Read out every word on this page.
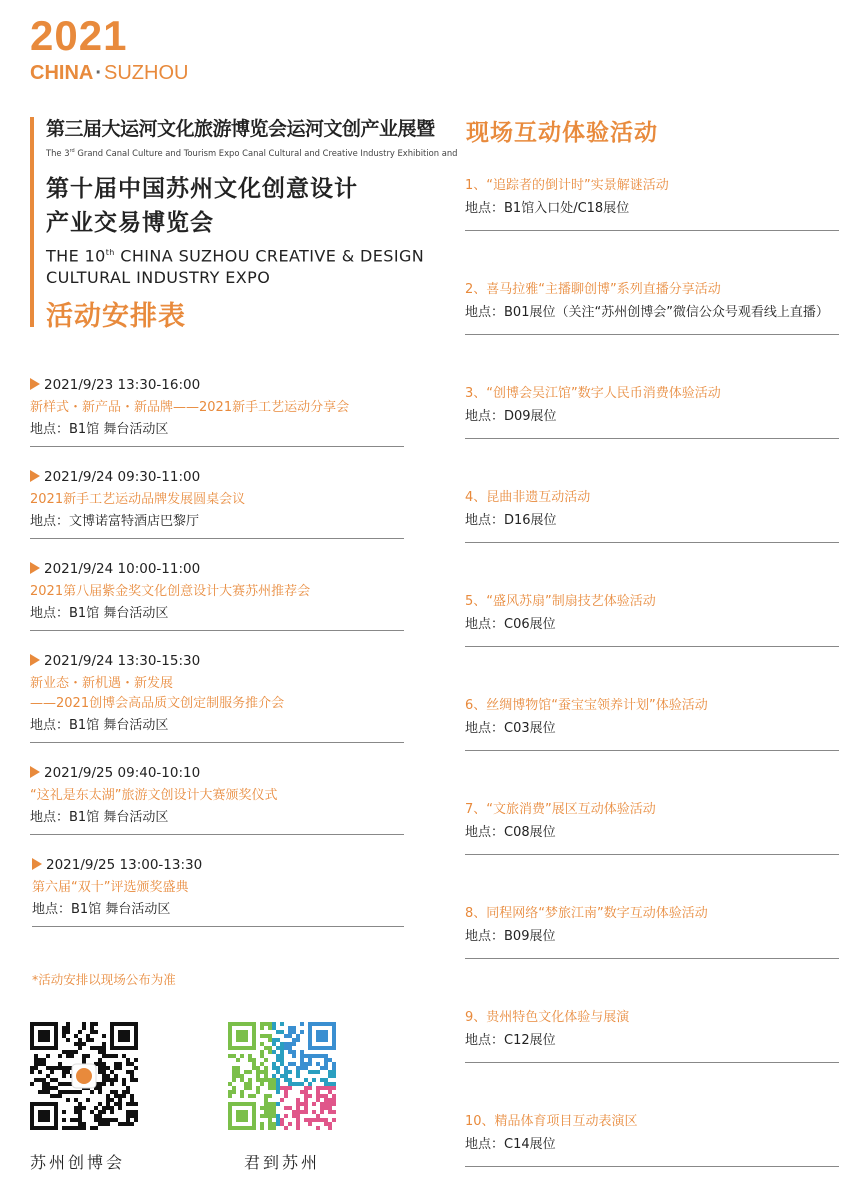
2021
CHINA · SUZHOU
第三届大运河文化旅游博览会运河文创产业展暨
The 3rd Grand Canal Culture and Tourism Expo Canal Cultural and Creative Industry Exhibition and
第十届中国苏州文化创意设计
产业交易博览会
THE 10th CHINA SUZHOU CREATIVE & DESIGN
CULTURAL INDUSTRY EXPO
活动安排表
2021/9/23 13:30-16:00
新样式・新产品・新品牌——2021新手工艺运动分享会
地点：B1馆 舞台活动区
2021/9/24 09:30-11:00
2021新手工艺运动品牌发展圆桌会议
地点：文博诺富特酒店巴黎厅
2021/9/24 10:00-11:00
2021第八届紫金奖文化创意设计大赛苏州推荐会
地点：B1馆 舞台活动区
2021/9/24 13:30-15:30
新业态・新机遇・新发展
——2021创博会高品质文创定制服务推介会
地点：B1馆 舞台活动区
2021/9/25 09:40-10:10
“这礼是东太湖”旅游文创设计大赛颁奖仪式
地点：B1馆 舞台活动区
2021/9/25 13:00-13:30
第六届“双十”评选颁奖盛典
地点：B1馆 舞台活动区
*活动安排以现场公布为准
苏州创博会	君到苏州
现场互动体验活动
1、“追踪者的倒计时”实景解谜活动
地点：B1馆入口处/C18展位
2、喜马拉雅“主播聊创博”系列直播分享活动
地点：B01展位（关注“苏州创博会”微信公众号观看线上直播）
3、“创博会吴江馆”数字人民币消费体验活动
地点：D09展位
4、昆曲非遗互动活动
地点：D16展位
5、“盛风苏扇”制扇技艺体验活动
地点：C06展位
6、丝绸博物馆“蚕宝宝领养计划”体验活动
地点：C03展位
7、“文旅消费”展区互动体验活动
地点：C08展位
8、同程网络“梦旅江南”数字互动体验活动
地点：B09展位
9、贵州特色文化体验与展演
地点：C12展位
10、精品体育项目互动表演区
地点：C14展位
